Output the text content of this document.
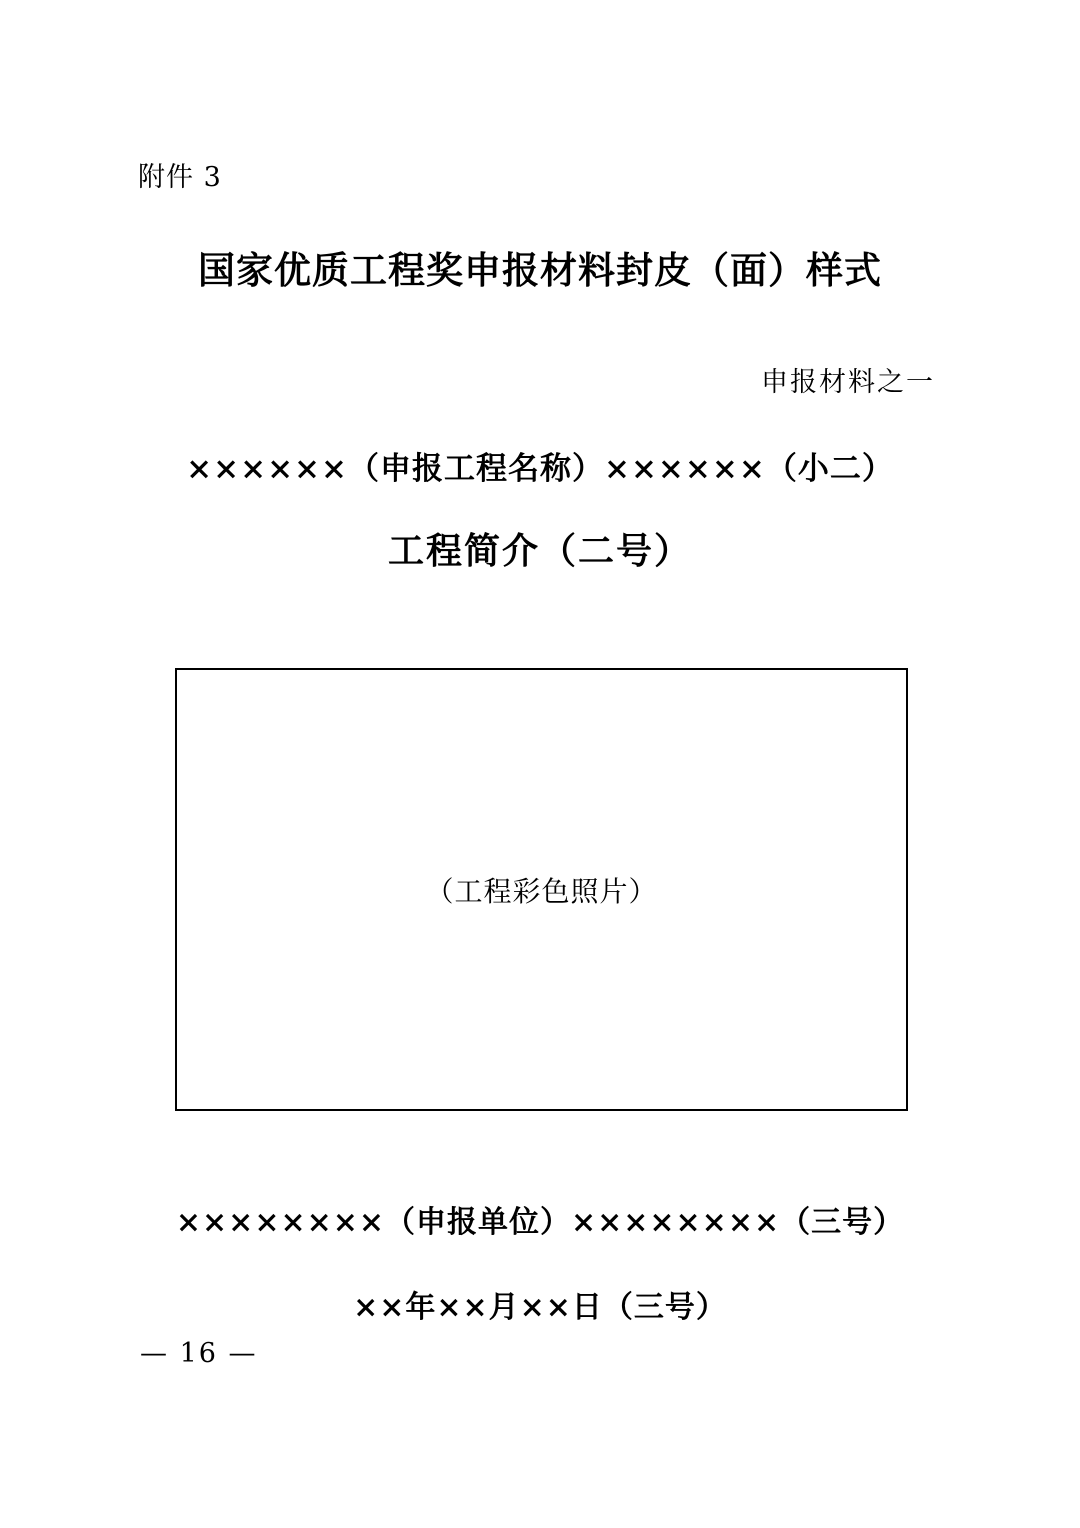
附件 3
国家优质工程奖申报材料封皮（面）样式
申报材料之一
××××××（申报工程名称）××××××（小二）
工程简介（二号）
（工程彩色照片）
××××××××（申报单位）××××××××（三号）
××年××月××日（三号）
— 16 —
